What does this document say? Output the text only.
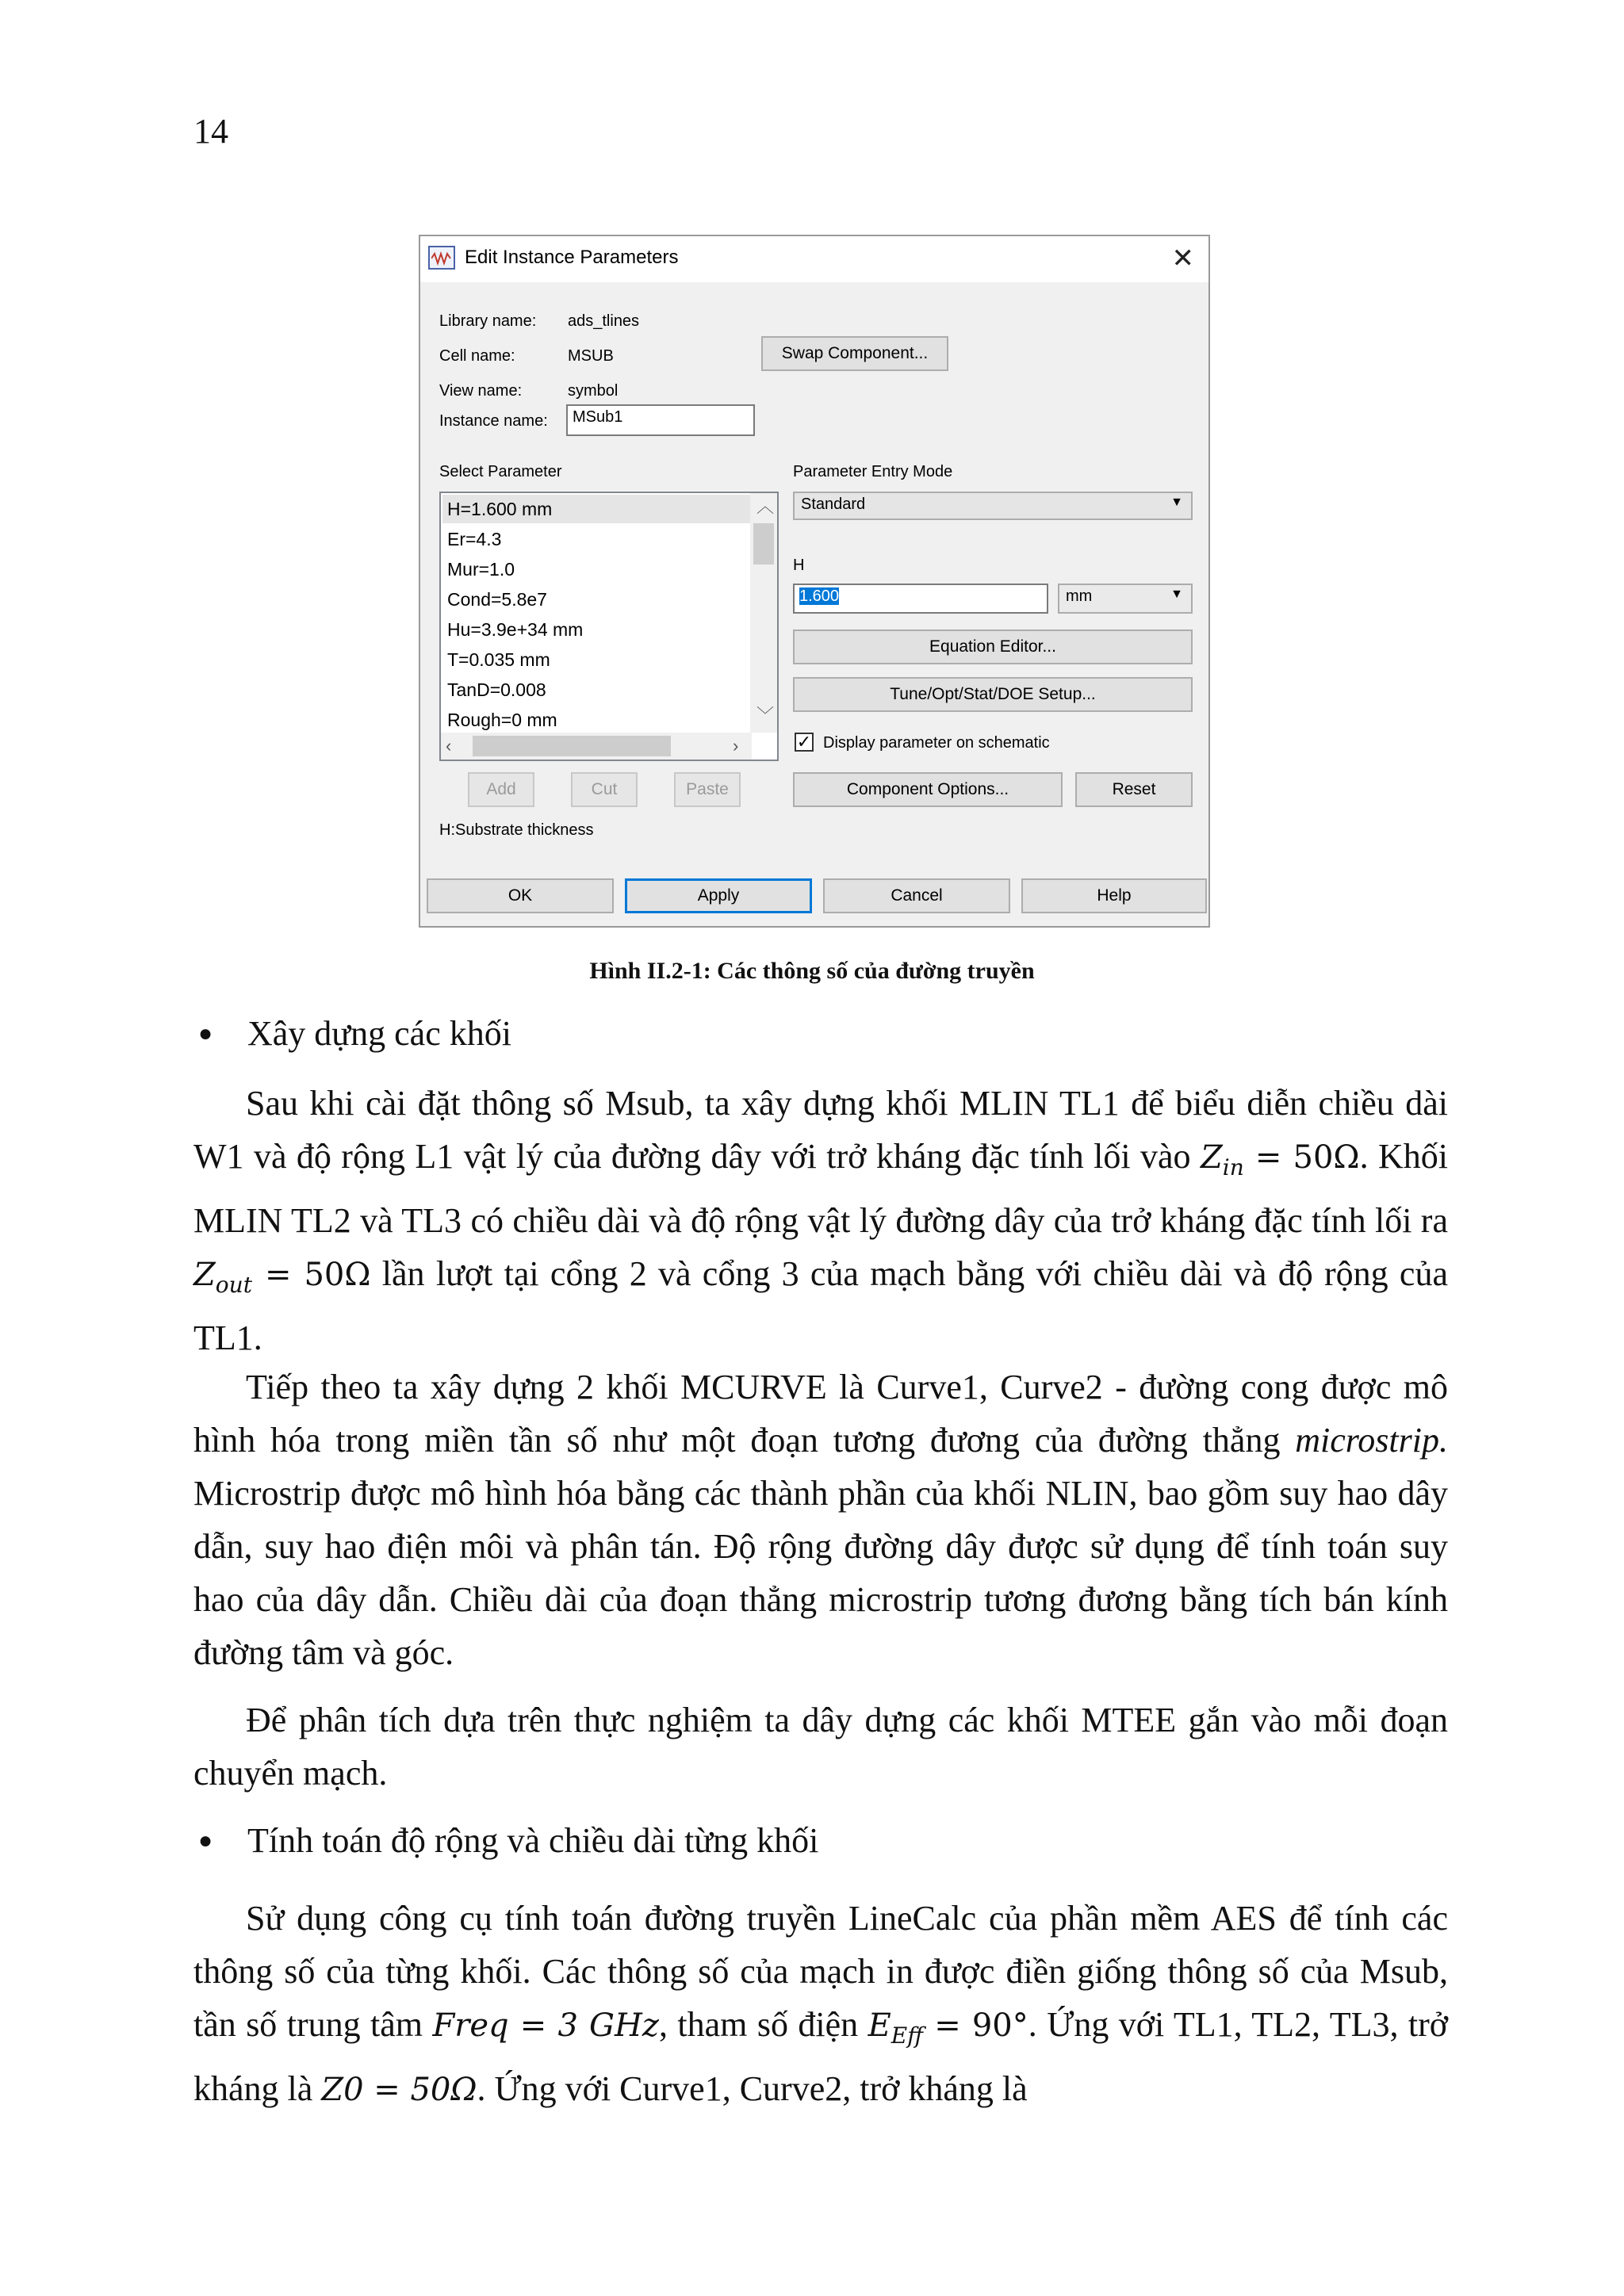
14
Edit Instance Parameters	✕
Library name: ads_tlines
Cell name:	MSUB	Swap Component...
View name:	symbol
Instance name:	MSub1
Select Parameter
H=1.600 mm
Er=4.3
Mur=1.0
Cond=5.8e7
Hu=3.9e+34 mm
T=0.035 mm
TanD=0.008
Rough=0 mm
︿
﹀
‹	›
Parameter Entry Mode
Standard	▼
H
1.600	mm	▼
Equation Editor...
Tune/Opt/Stat/DOE Setup...
✓ Display parameter on schematic
Add	Cut	Paste	Component Options...	Reset
H:Substrate thickness
OK	Apply	Cancel	Help
Hình II.2-1: Các thông số của đường truyền
● Xây dựng các khối
Sau khi cài đặt thông số Msub, ta xây dựng khối MLIN TL1 để biểu diễn chiều dài W1 và độ rộng L1 vật lý của đường dây với trở kháng đặc tính lối vào $Z_{in} = 50\Omega$. Khối MLIN TL2 và TL3 có chiều dài và độ rộng vật lý đường dây của trở kháng đặc tính lối ra $Z_{out} = 50\Omega$ lần lượt tại cổng 2 và cổng 3 của mạch bằng với chiều dài và độ rộng của TL1.
Tiếp theo ta xây dựng 2 khối MCURVE là Curve1, Curve2 - đường cong được mô hình hóa trong miền tần số như một đoạn tương đương của đường thẳng microstrip. Microstrip được mô hình hóa bằng các thành phần của khối NLIN, bao gồm suy hao dây dẫn, suy hao điện môi và phân tán. Độ rộng đường dây được sử dụng để tính toán suy hao của dây dẫn. Chiều dài của đoạn thẳng microstrip tương đương bằng tích bán kính đường tâm và góc.
Để phân tích dựa trên thực nghiệm ta dây dựng các khối MTEE gắn vào mỗi đoạn chuyển mạch.
● Tính toán độ rộng và chiều dài từng khối
Sử dụng công cụ tính toán đường truyền LineCalc của phần mềm AES để tính các thông số của từng khối. Các thông số của mạch in được điền giống thông số của Msub, tần số trung tâm Freq = 3 GHz, tham số điện $E_{Eff} = 90^\circ$. Ứng với TL1, TL2, TL3, trở kháng là Z0 = 50Ω. Ứng với Curve1, Curve2, trở kháng là
